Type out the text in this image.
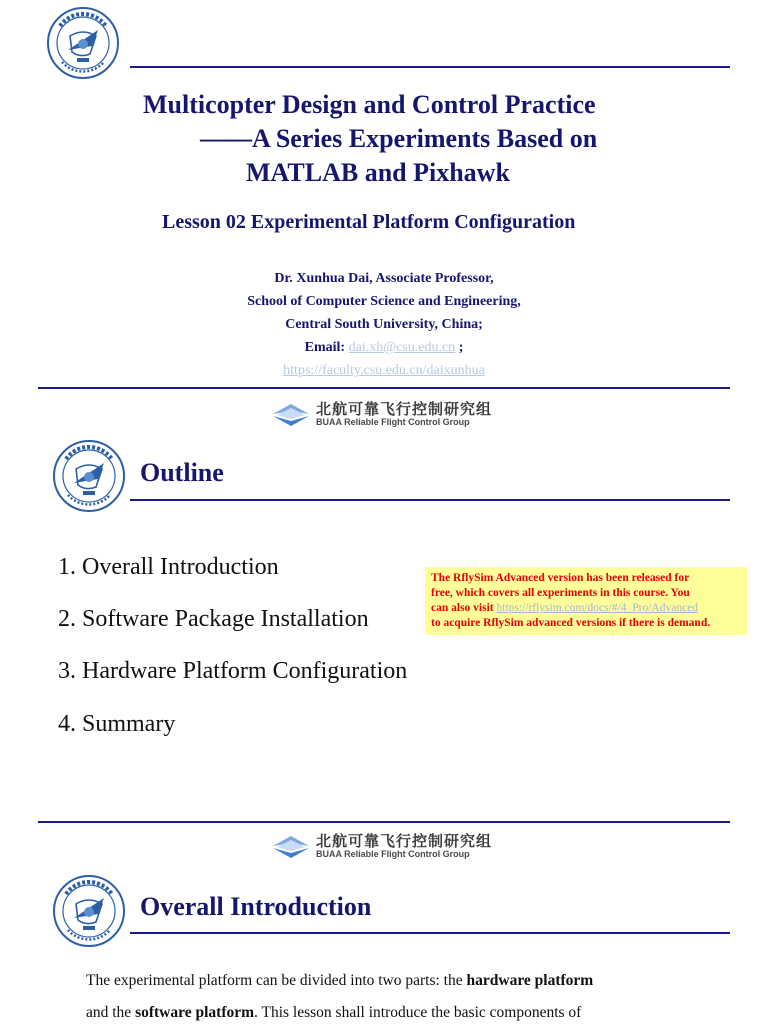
Multicopter Design and Control Practice
——A Series Experiments Based on
MATLAB and Pixhawk
Lesson 02 Experimental Platform Configuration
Dr. Xunhua Dai, Associate Professor,
School of Computer Science and Engineering,
Central South University, China;
Email: dai.xh@csu.edu.cn ;
https://faculty.csu.edu.cn/daixunhua
北航可靠飞行控制研究组
BUAA Reliable Flight Control Group
Outline
1. Overall Introduction
2. Software Package Installation
3. Hardware Platform Configuration
4. Summary
The RflySim Advanced version has been released for
free, which covers all experiments in this course. You
can also visit https://rflysim.com/docs/#/4_Pro/Advanced
to acquire RflySim advanced versions if there is demand.
北航可靠飞行控制研究组
BUAA Reliable Flight Control Group
Overall Introduction
The experimental platform can be divided into two parts: the hardware platform
and the software platform. This lesson shall introduce the basic components of
